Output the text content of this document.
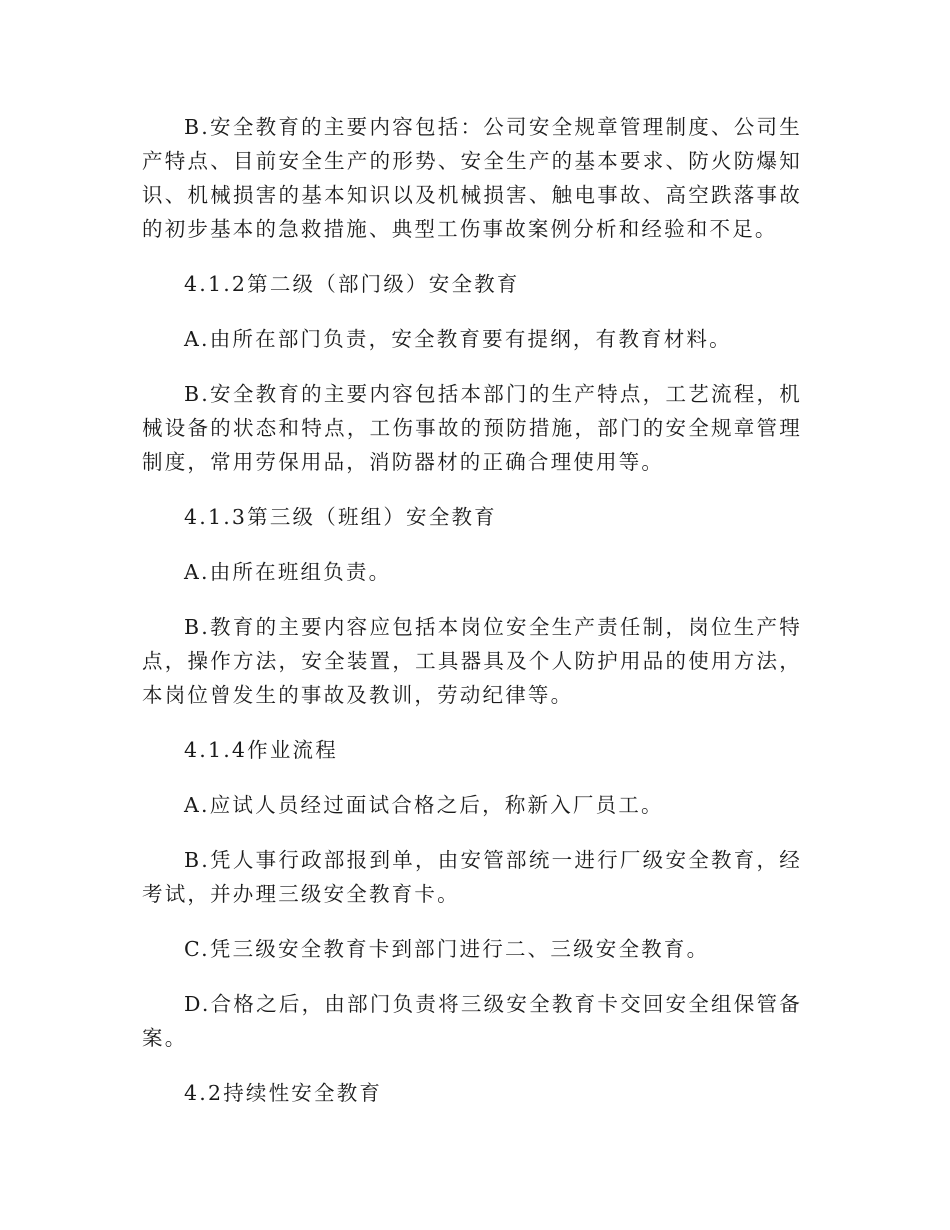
B.安全教育的主要内容包括：公司安全规章管理制度、公司生产特点、目前安全生产的形势、安全生产的基本要求、防火防爆知识、机械损害的基本知识以及机械损害、触电事故、高空跌落事故的初步基本的急救措施、典型工伤事故案例分析和经验和不足。

4.1.2第二级（部门级）安全教育

A.由所在部门负责，安全教育要有提纲，有教育材料。

B.安全教育的主要内容包括本部门的生产特点，工艺流程，机械设备的状态和特点，工伤事故的预防措施，部门的安全规章管理制度，常用劳保用品，消防器材的正确合理使用等。

4.1.3第三级（班组）安全教育

A.由所在班组负责。

B.教育的主要内容应包括本岗位安全生产责任制，岗位生产特点，操作方法，安全装置，工具器具及个人防护用品的使用方法，本岗位曾发生的事故及教训，劳动纪律等。

4.1.4作业流程

A.应试人员经过面试合格之后，称新入厂员工。

B.凭人事行政部报到单，由安管部统一进行厂级安全教育，经考试，并办理三级安全教育卡。

C.凭三级安全教育卡到部门进行二、三级安全教育。

D.合格之后，由部门负责将三级安全教育卡交回安全组保管备案。

4.2持续性安全教育
